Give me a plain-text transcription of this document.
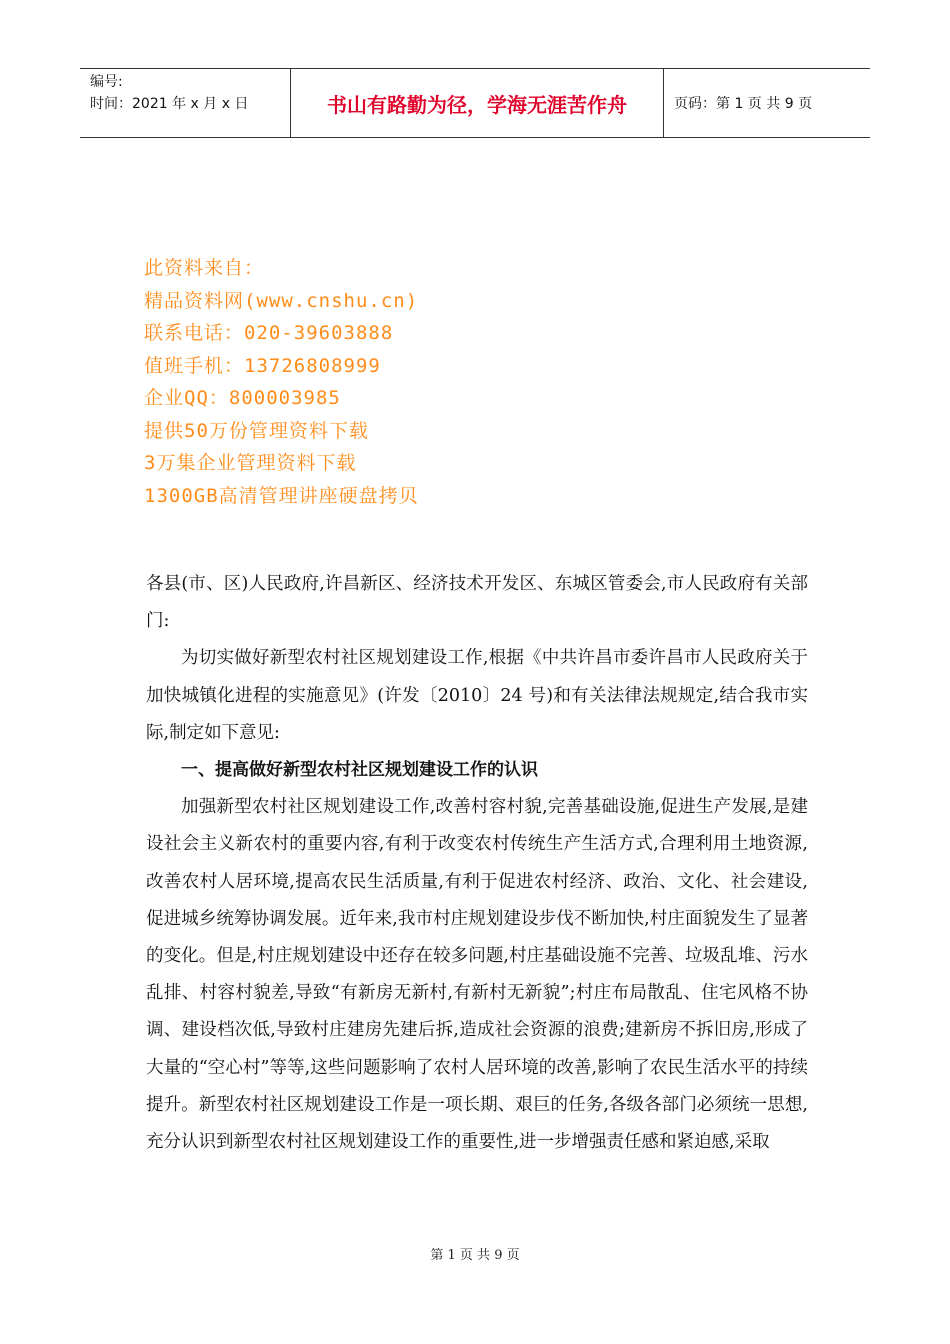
编号:
时间：2021 年 x 月 x 日	书山有路勤为径，学海无涯苦作舟	页码：第 1 页 共 9 页
此资料来自：
精品资料网(www.cnshu.cn)
联系电话：020-39603888
值班手机：13726808999
企业QQ：800003985
提供50万份管理资料下载
3万集企业管理资料下载
1300GB高清管理讲座硬盘拷贝

各县(市、区)人民政府,许昌新区、经济技术开发区、东城区管委会,市人民政府有关部门:

为切实做好新型农村社区规划建设工作,根据《中共许昌市委许昌市人民政府关于加快城镇化进程的实施意见》(许发〔2010〕24 号)和有关法律法规规定,结合我市实际,制定如下意见:

一、提高做好新型农村社区规划建设工作的认识

加强新型农村社区规划建设工作,改善村容村貌,完善基础设施,促进生产发展,是建设社会主义新农村的重要内容,有利于改变农村传统生产生活方式,合理利用土地资源,改善农村人居环境,提高农民生活质量,有利于促进农村经济、政治、文化、社会建设,促进城乡统筹协调发展。近年来,我市村庄规划建设步伐不断加快,村庄面貌发生了显著的变化。但是,村庄规划建设中还存在较多问题,村庄基础设施不完善、垃圾乱堆、污水乱排、村容村貌差,导致“有新房无新村,有新村无新貌”;村庄布局散乱、住宅风格不协调、建设档次低,导致村庄建房先建后拆,造成社会资源的浪费;建新房不拆旧房,形成了大量的“空心村”等等,这些问题影响了农村人居环境的改善,影响了农民生活水平的持续提升。新型农村社区规划建设工作是一项长期、艰巨的任务,各级各部门必须统一思想,充分认识到新型农村社区规划建设工作的重要性,进一步增强责任感和紧迫感,采取

第 1 页 共 9 页
